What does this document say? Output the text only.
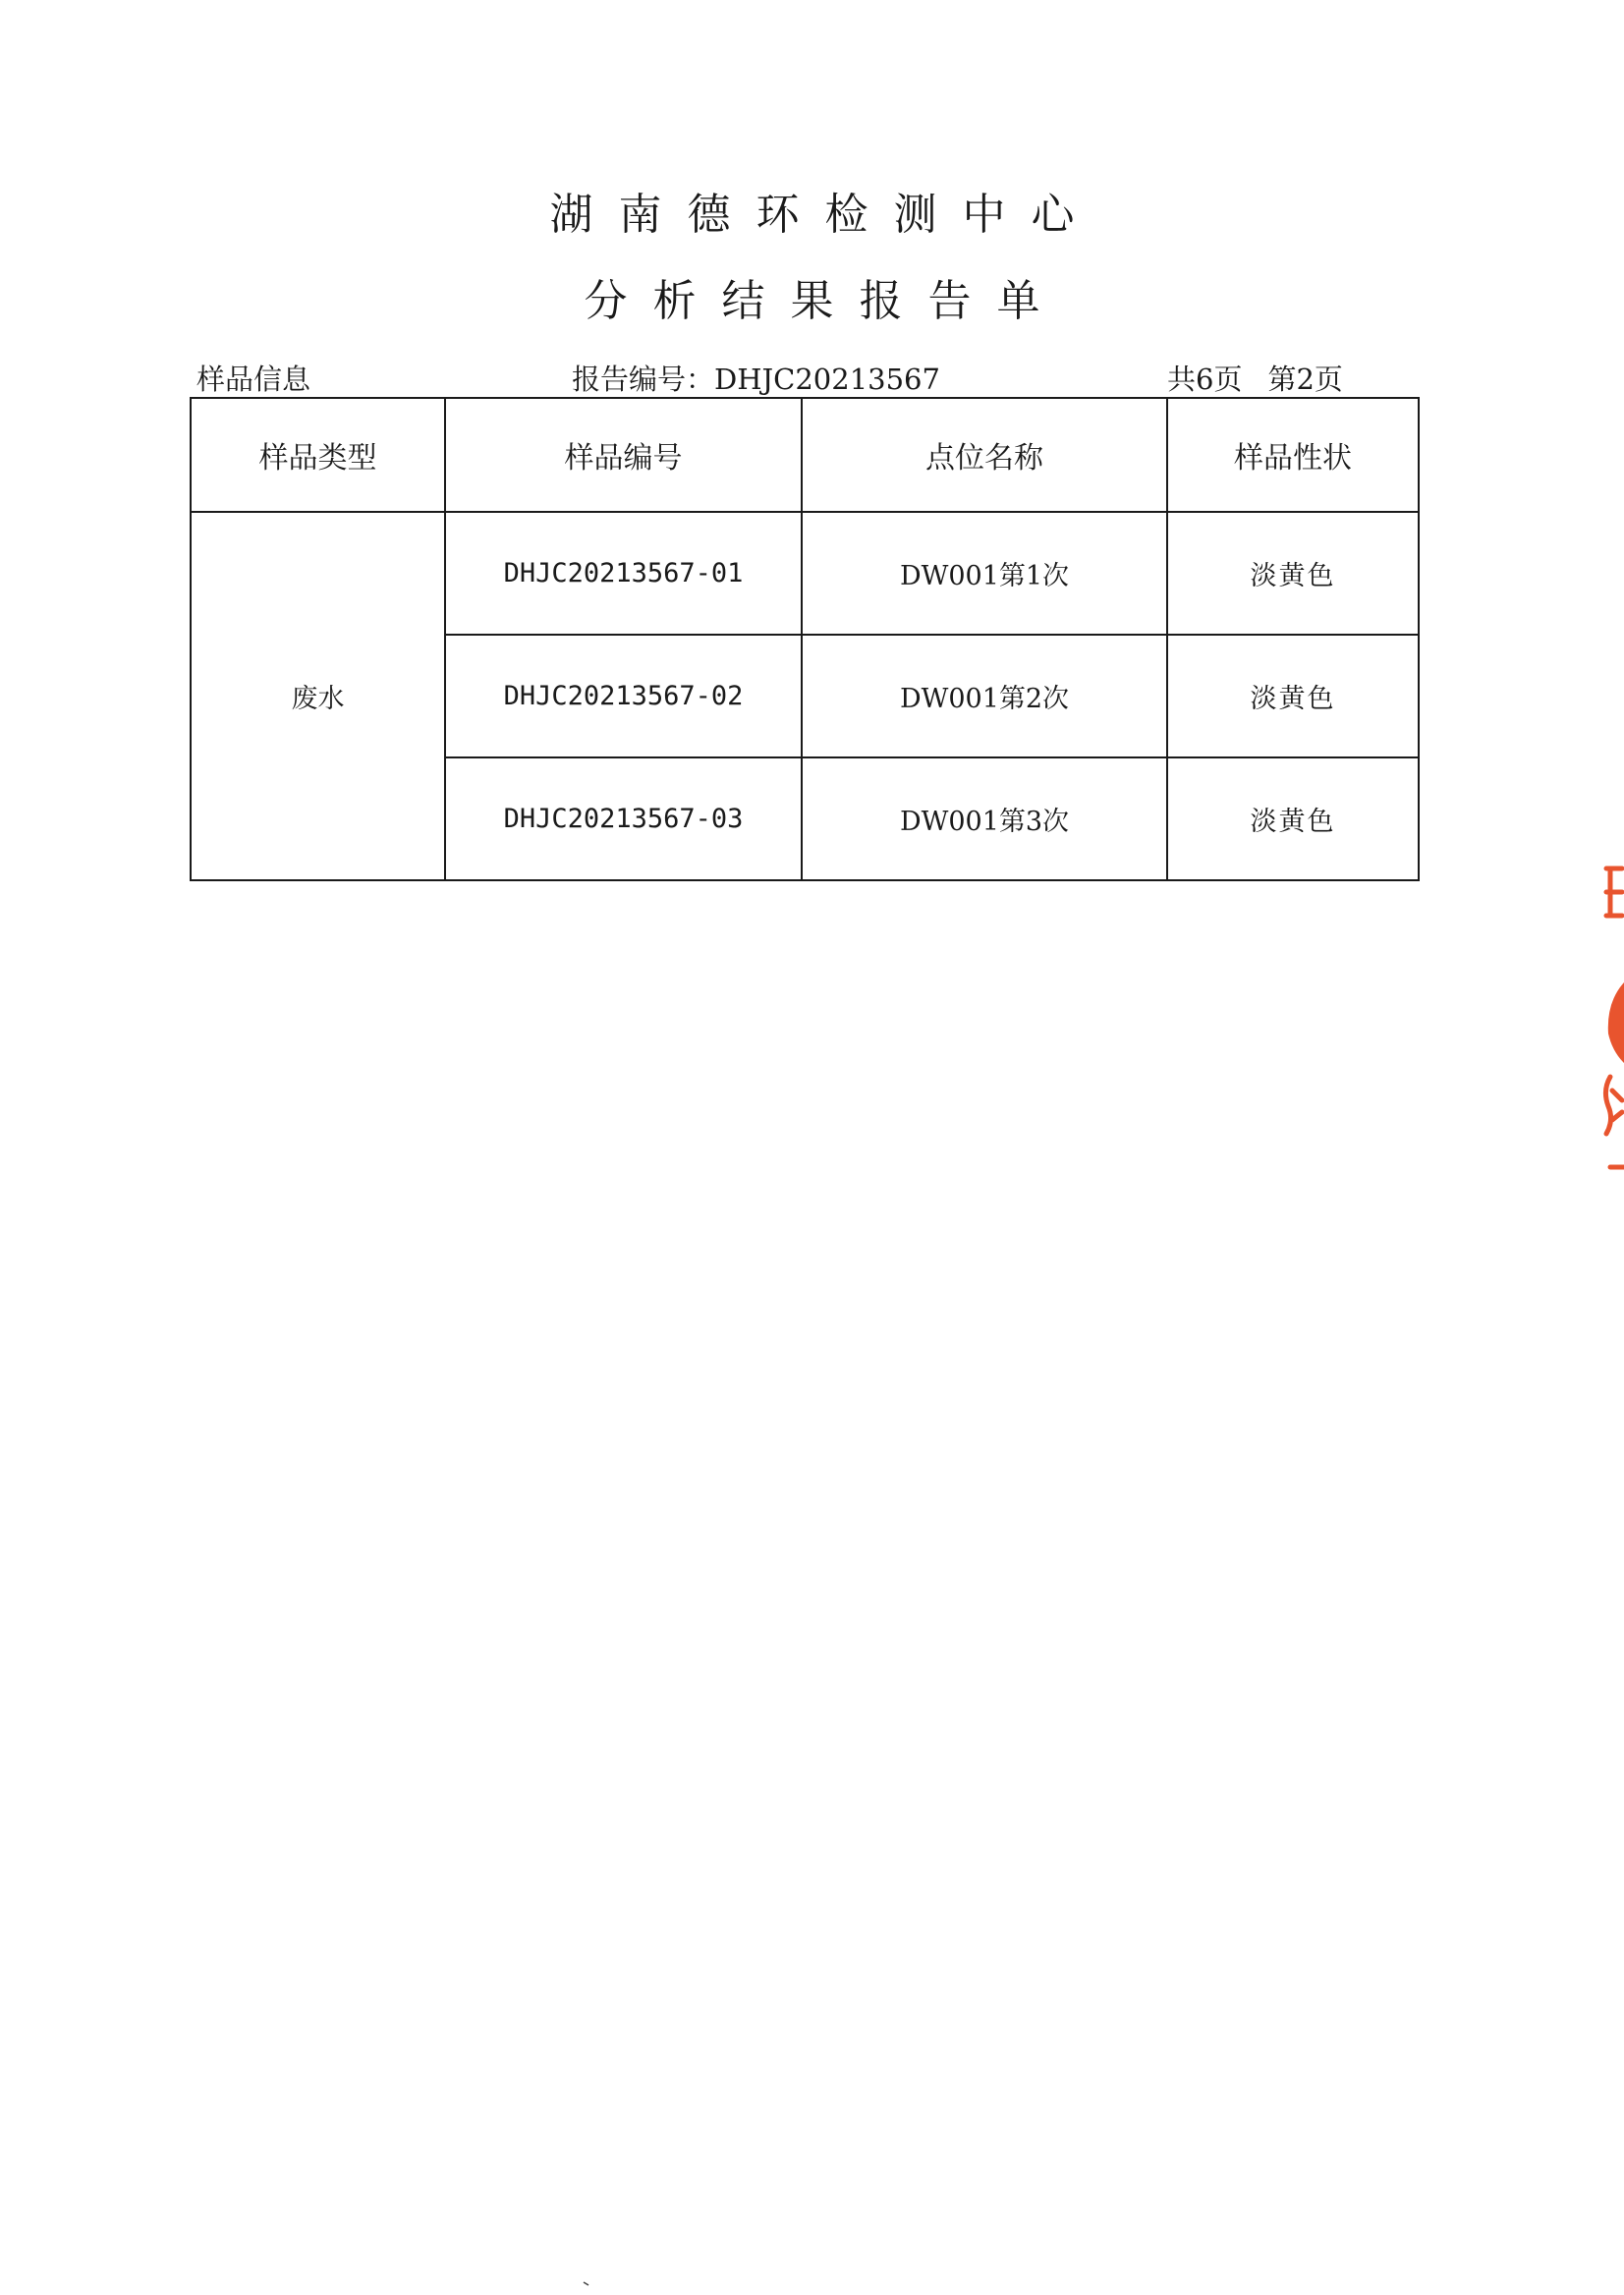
湖南德环检测中心
分析结果报告单
样品信息	报告编号：DHJC20213567	共6页 第2页
样品类型	样品编号	点位名称	样品性状
废水	DHJC20213567-01	DW001第1次	淡黄色
	DHJC20213567-02	DW001第2次	淡黄色
	DHJC20213567-03	DW001第3次	淡黄色
